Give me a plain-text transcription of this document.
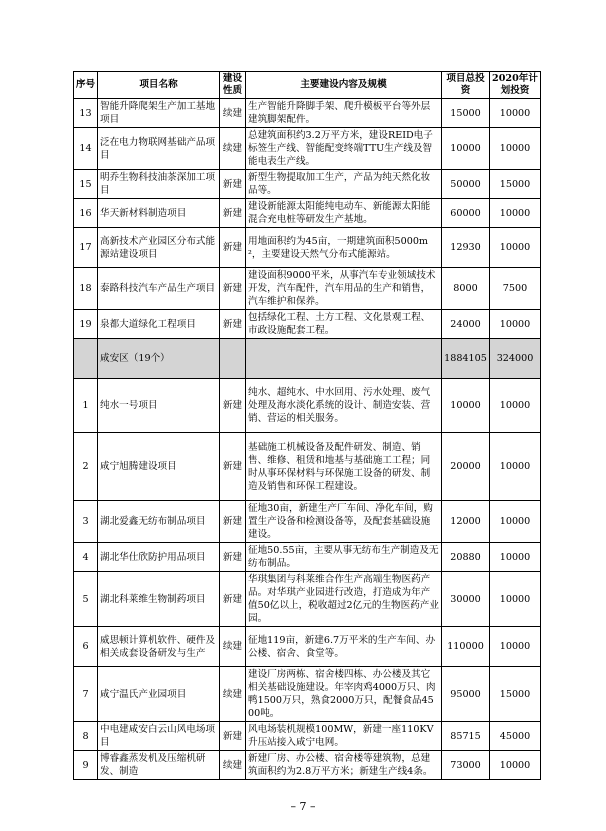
序号	项目名称	建设性质	主要建设内容及规模	项目总投资	2020年计划投资
13	智能升降爬架生产加工基地项目	续建	生产智能升降脚手架、爬升模板平台等外层建筑脚架配件。	15000	10000
14	泛在电力物联网基础产品项目	续建	总建筑面积约3.2万平方米，建设REID电子标签生产线、智能配变终端TTU生产线及智能电表生产线。	10000	10000
15	明乔生物科技油茶深加工项目	新建	新型生物提取加工生产，产品为纯天然化妆品等。	50000	15000
16	华天新材料制造项目	新建	建设新能源太阳能纯电动车、新能源太阳能混合充电桩等研发生产基地。	60000	10000
17	高新技术产业园区分布式能源站建设项目	新建	用地面积约为45亩，一期建筑面积5000m²，主要建设天然气分布式能源站。	12930	10000
18	泰路科技汽车产品生产项目	新建	建设面积9000平米，从事汽车专业领域技术开发，汽车配件，汽车用品的生产和销售，汽车维护和保养。	8000	7500
19	泉都大道绿化工程项目	新建	包括绿化工程、土方工程、文化景观工程、市政设施配套工程。	24000	10000
	咸安区（19个）			1884105	324000
1	纯水一号项目	新建	纯水、超纯水、中水回用、污水处理、废气处理及海水淡化系统的设计、制造安装、营销、营运的相关服务。	10000	10000
2	咸宁旭腾建设项目	新建	基础施工机械设备及配件研发、制造、销售、维修、租赁和地基与基础施工工程；同时从事环保材料与环保施工设备的研发、制造及销售和环保工程建设。	20000	10000
3	湖北爱鑫无纺布制品项目	新建	征地30亩，新建生产厂车间、净化车间，购置生产设备和检测设备等，及配套基础设施建设。	12000	10000
4	湖北华仕欣防护用品项目	新建	征地50.55亩，主要从事无纺布生产制造及无纺布制品。	20880	10000
5	湖北科莱维生物制药项目	新建	华琪集团与科莱维合作生产高端生物医药产品。对华琪产业园进行改造，打造成为年产值50亿以上，税收超过2亿元的生物医药产业园。	30000	10000
6	威思顿计算机软件、硬件及相关成套设备研发与生产	续建	征地119亩，新建6.7万平米的生产车间、办公楼、宿舍、食堂等。	110000	10000
7	咸宁温氏产业园项目	续建	建设厂房两栋、宿舍楼四栋、办公楼及其它相关基础设施建设。年宰肉鸡4000万只、肉鸭1500万只，熟食2000万只，配餐食品4500吨。	95000	15000
8	中电建咸安白云山风电场项目	新建	风电场装机规模100MW，新建一座110KV升压站接入咸宁电网。	85715	45000
9	博睿鑫蒸发机及压缩机研发、制造	续建	新建厂房、办公楼、宿舍楼等建筑物，总建筑面积约为2.8万平方米；新建生产线4条。	73000	10000
– 7 –
